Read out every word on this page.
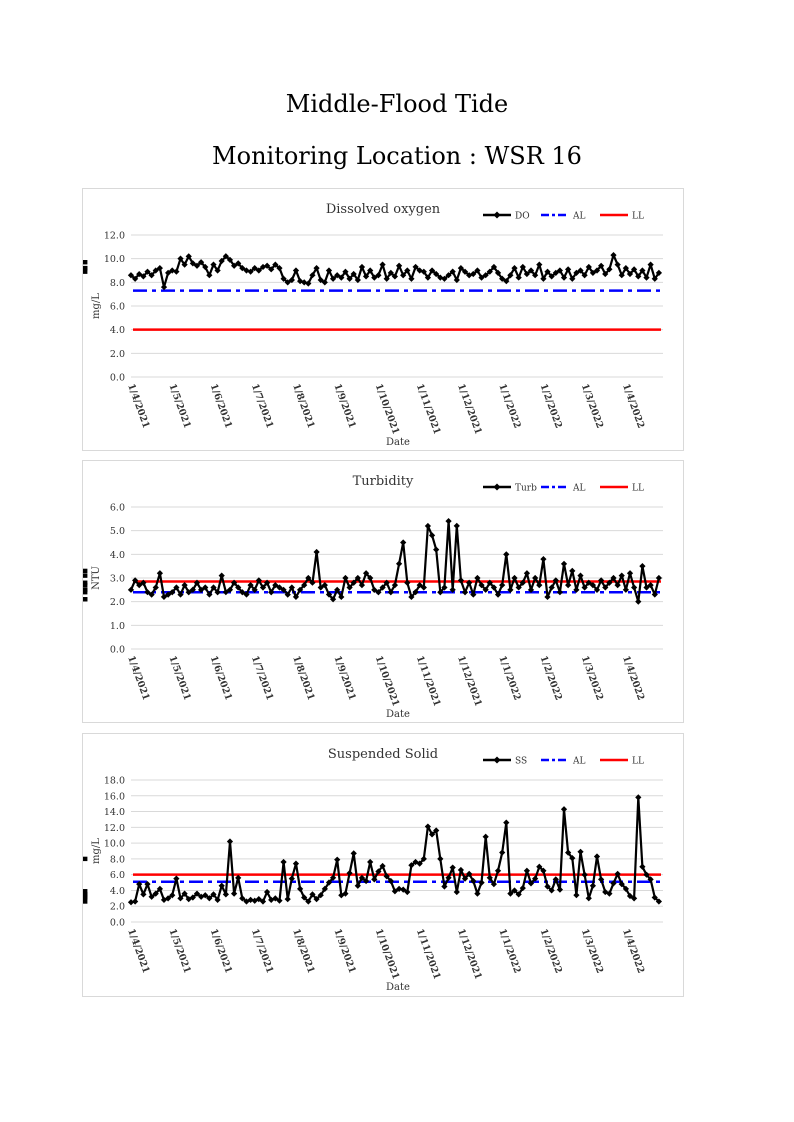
Middle-Flood Tide
Monitoring Location : WSR 16
Dissolved oxygen
0.0
2.0
4.0
6.0
8.0
10.0
12.0
mg/L
1/4/2021 1/5/2021 1/6/2021 1/7/2021 1/8/2021 1/9/2021 1/10/2021 1/11/2021 1/12/2021 1/1/2022 1/2/2022 1/3/2022 1/4/2022
Date
DO	AL	LL
Turbidity
0.0
1.0
2.0
3.0
4.0
5.0
6.0
NTU
1/4/2021 1/5/2021 1/6/2021 1/7/2021 1/8/2021 1/9/2021 1/10/2021 1/11/2021 1/12/2021 1/1/2022 1/2/2022 1/3/2022 1/4/2022
Date
Turb	AL	LL
Suspended Solid
0.0
2.0
4.0
6.0
8.0
10.0
12.0
14.0
16.0
18.0
mg/L
1/4/2021 1/5/2021 1/6/2021 1/7/2021 1/8/2021 1/9/2021 1/10/2021 1/11/2021 1/12/2021 1/1/2022 1/2/2022 1/3/2022 1/4/2022
Date
SS	AL	LL
